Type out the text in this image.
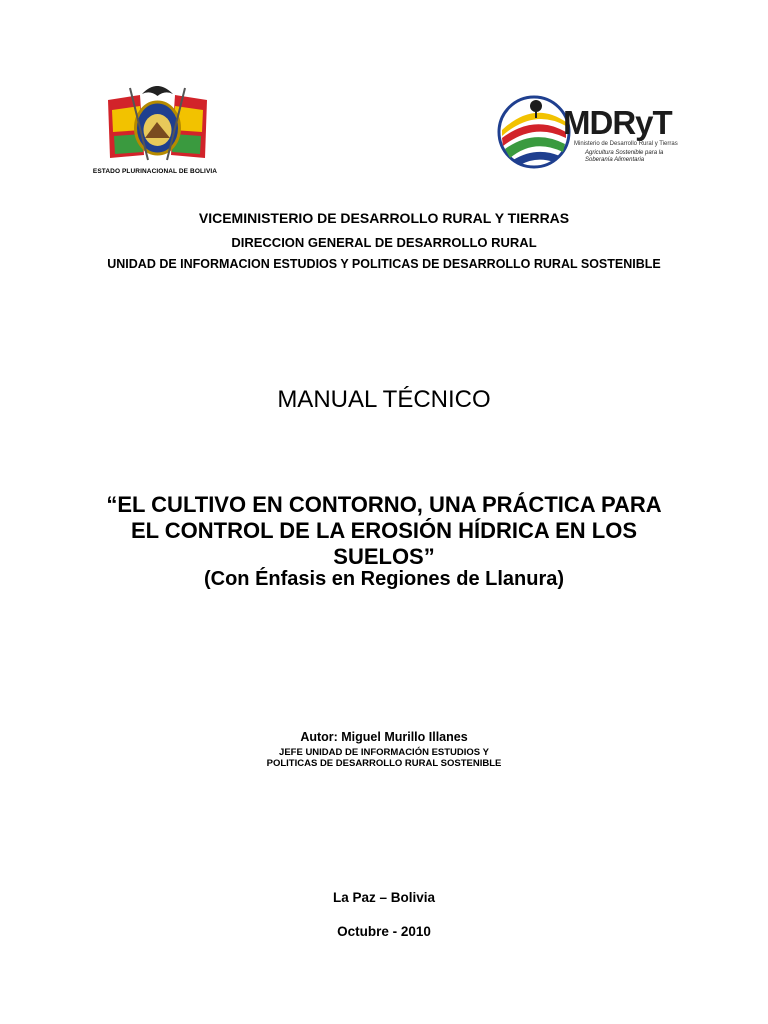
ESTADO PLURINACIONAL DE BOLIVIA
MDRyT
Ministerio de Desarrollo Rural y Tierras
Agricultura Sostenible para la Soberanía Alimentaria
VICEMINISTERIO DE DESARROLLO RURAL Y TIERRAS
DIRECCION GENERAL DE DESARROLLO RURAL
UNIDAD DE INFORMACION ESTUDIOS Y POLITICAS DE DESARROLLO RURAL SOSTENIBLE
MANUAL TÉCNICO
“EL CULTIVO EN CONTORNO, UNA PRÁCTICA PARA
EL CONTROL DE LA EROSIÓN HÍDRICA EN LOS
SUELOS”
(Con Énfasis en Regiones de Llanura)
Autor: Miguel Murillo Illanes
JEFE UNIDAD DE INFORMACIÓN ESTUDIOS Y
POLITICAS DE DESARROLLO RURAL SOSTENIBLE
La Paz – Bolivia
Octubre - 2010
